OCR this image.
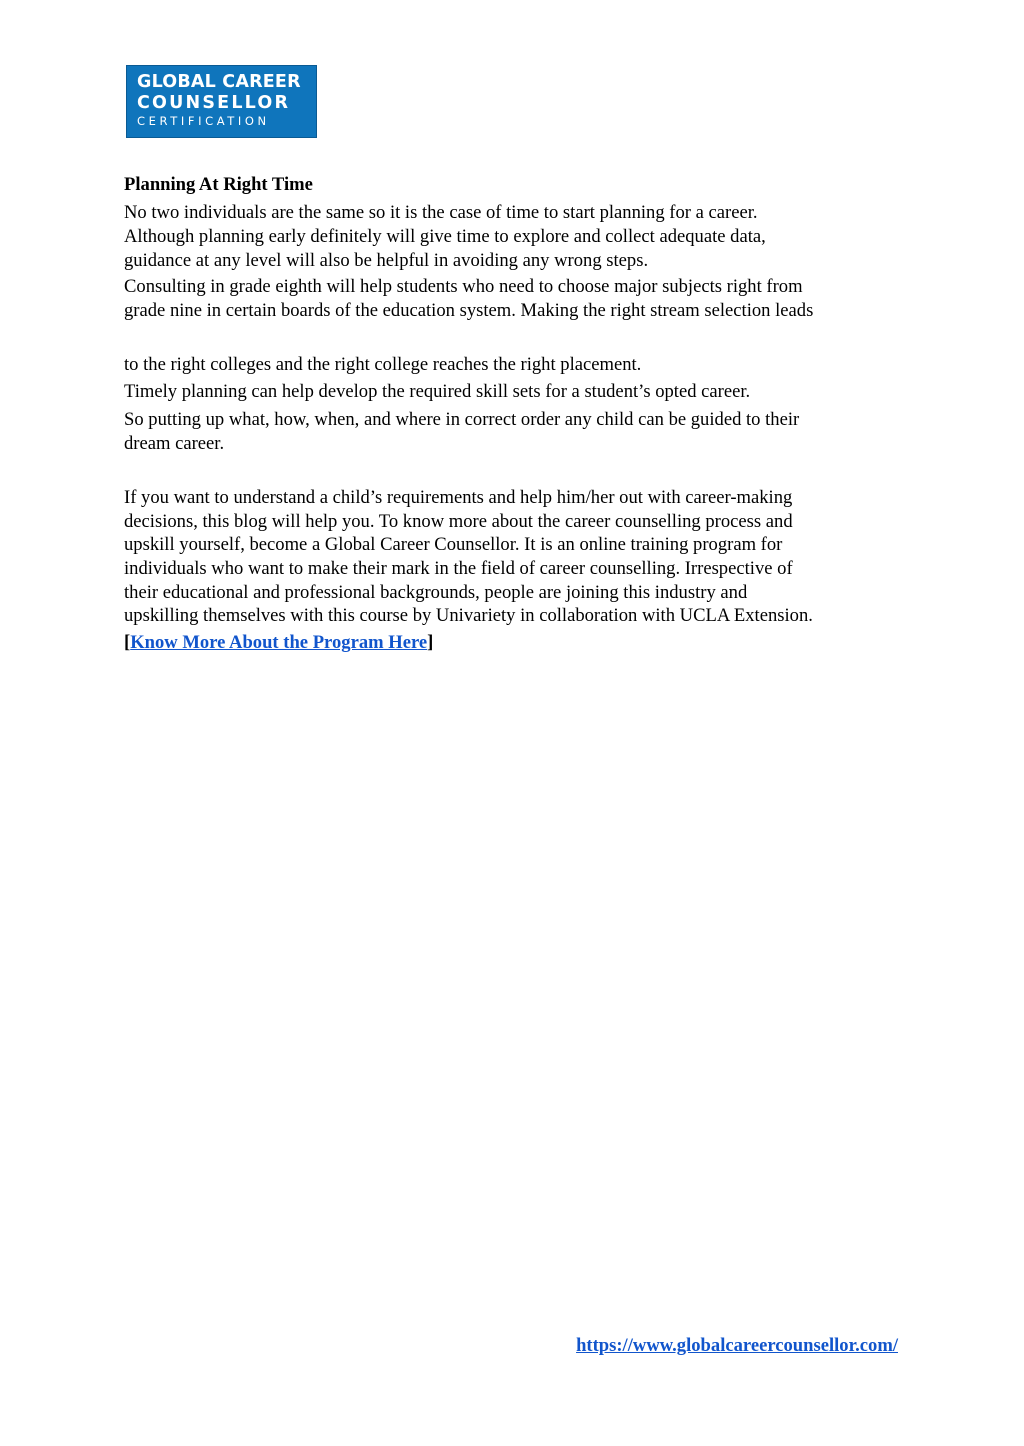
GLOBAL CAREER
COUNSELLOR
CERTIFICATION
Planning At Right Time
No two individuals are the same so it is the case of time to start planning for a career.
Although planning early definitely will give time to explore and collect adequate data,
guidance at any level will also be helpful in avoiding any wrong steps.
Consulting in grade eighth will help students who need to choose major subjects right from
grade nine in certain boards of the education system. Making the right stream selection leads
to the right colleges and the right college reaches the right placement.
Timely planning can help develop the required skill sets for a student’s opted career.
So putting up what, how, when, and where in correct order any child can be guided to their
dream career.
If you want to understand a child’s requirements and help him/her out with career-making
decisions, this blog will help you. To know more about the career counselling process and
upskill yourself, become a Global Career Counsellor. It is an online training program for
individuals who want to make their mark in the field of career counselling. Irrespective of
their educational and professional backgrounds, people are joining this industry and
upskilling themselves with this course by Univariety in collaboration with UCLA Extension.
[Know More About the Program Here]
https://www.globalcareercounsellor.com/
